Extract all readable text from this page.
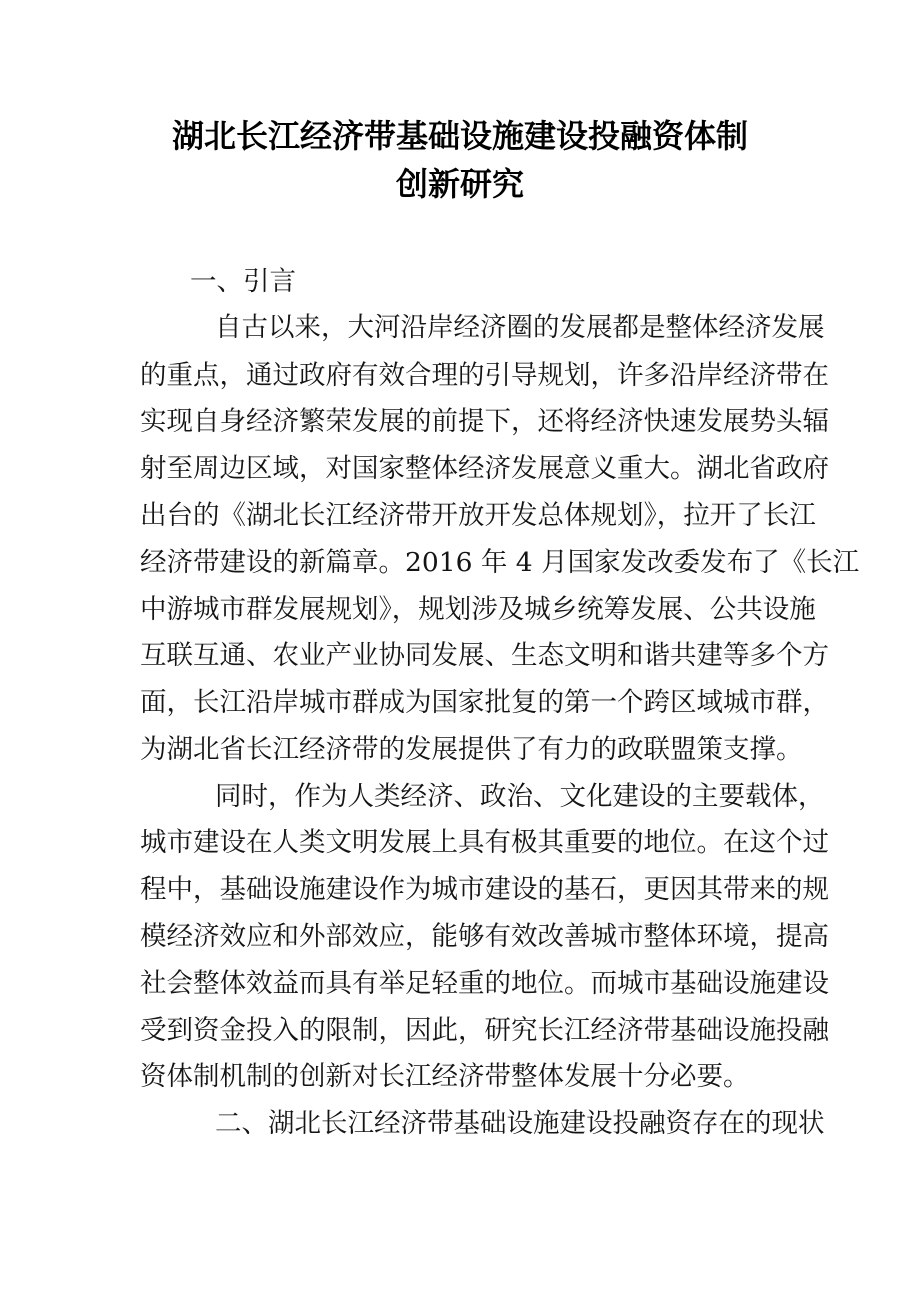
湖北长江经济带基础设施建设投融资体制
创新研究
一、引言
自古以来，大河沿岸经济圈的发展都是整体经济发展
的重点，通过政府有效合理的引导规划，许多沿岸经济带在
实现自身经济繁荣发展的前提下，还将经济快速发展势头辐
射至周边区域，对国家整体经济发展意义重大。湖北省政府
出台的《湖北长江经济带开放开发总体规划》，拉开了长江
经济带建设的新篇章。2016 年 4 月国家发改委发布了《长江
中游城市群发展规划》，规划涉及城乡统筹发展、公共设施
互联互通、农业产业协同发展、生态文明和谐共建等多个方
面，长江沿岸城市群成为国家批复的第一个跨区域城市群，
为湖北省长江经济带的发展提供了有力的政联盟策支撑。
同时，作为人类经济、政治、文化建设的主要载体，
城市建设在人类文明发展上具有极其重要的地位。在这个过
程中，基础设施建设作为城市建设的基石，更因其带来的规
模经济效应和外部效应，能够有效改善城市整体环境，提高
社会整体效益而具有举足轻重的地位。而城市基础设施建设
受到资金投入的限制，因此，研究长江经济带基础设施投融
资体制机制的创新对长江经济带整体发展十分必要。
二、湖北长江经济带基础设施建设投融资存在的现状
